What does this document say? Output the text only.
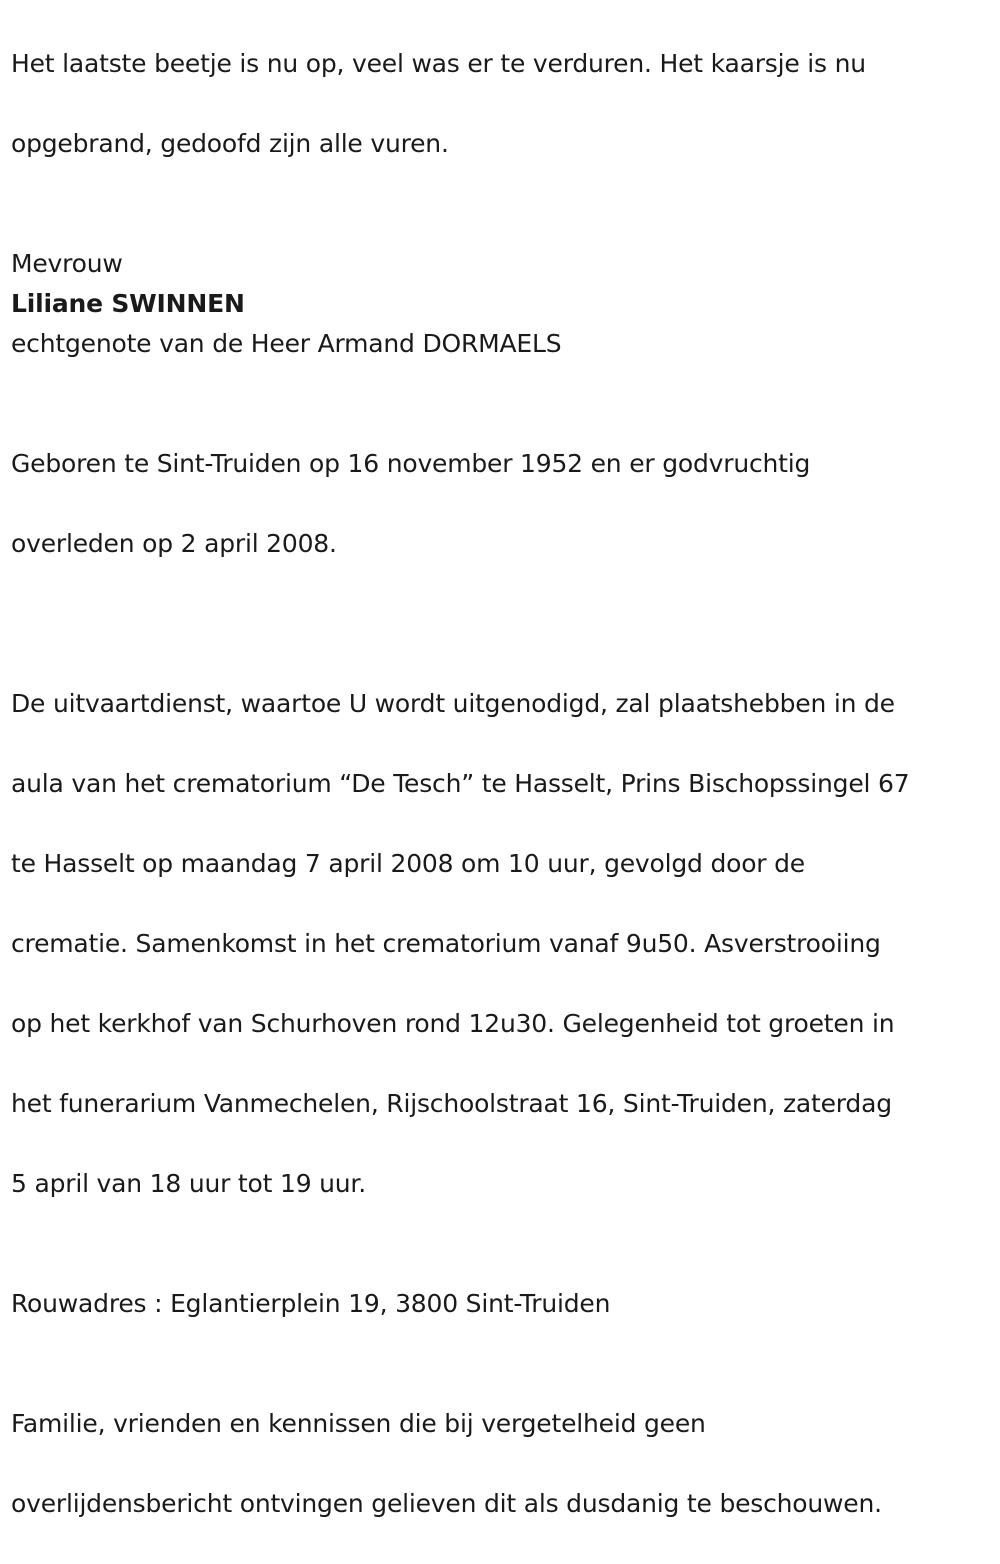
Het laatste beetje is nu op, veel was er te verduren. Het kaarsje is nu

opgebrand, gedoofd zijn alle vuren.

Mevrouw
Liliane SWINNEN
echtgenote van de Heer Armand DORMAELS

Geboren te Sint-Truiden op 16 november 1952 en er godvruchtig

overleden op 2 april 2008.

De uitvaartdienst, waartoe U wordt uitgenodigd, zal plaatshebben in de

aula van het crematorium “De Tesch” te Hasselt, Prins Bischopssingel 67

te Hasselt op maandag 7 april 2008 om 10 uur, gevolgd door de

crematie. Samenkomst in het crematorium vanaf 9u50. Asverstrooiing

op het kerkhof van Schurhoven rond 12u30. Gelegenheid tot groeten in

het funerarium Vanmechelen, Rijschoolstraat 16, Sint-Truiden, zaterdag

5 april van 18 uur tot 19 uur.

Rouwadres : Eglantierplein 19, 3800 Sint-Truiden

Familie, vrienden en kennissen die bij vergetelheid geen

overlijdensbericht ontvingen gelieven dit als dusdanig te beschouwen.
